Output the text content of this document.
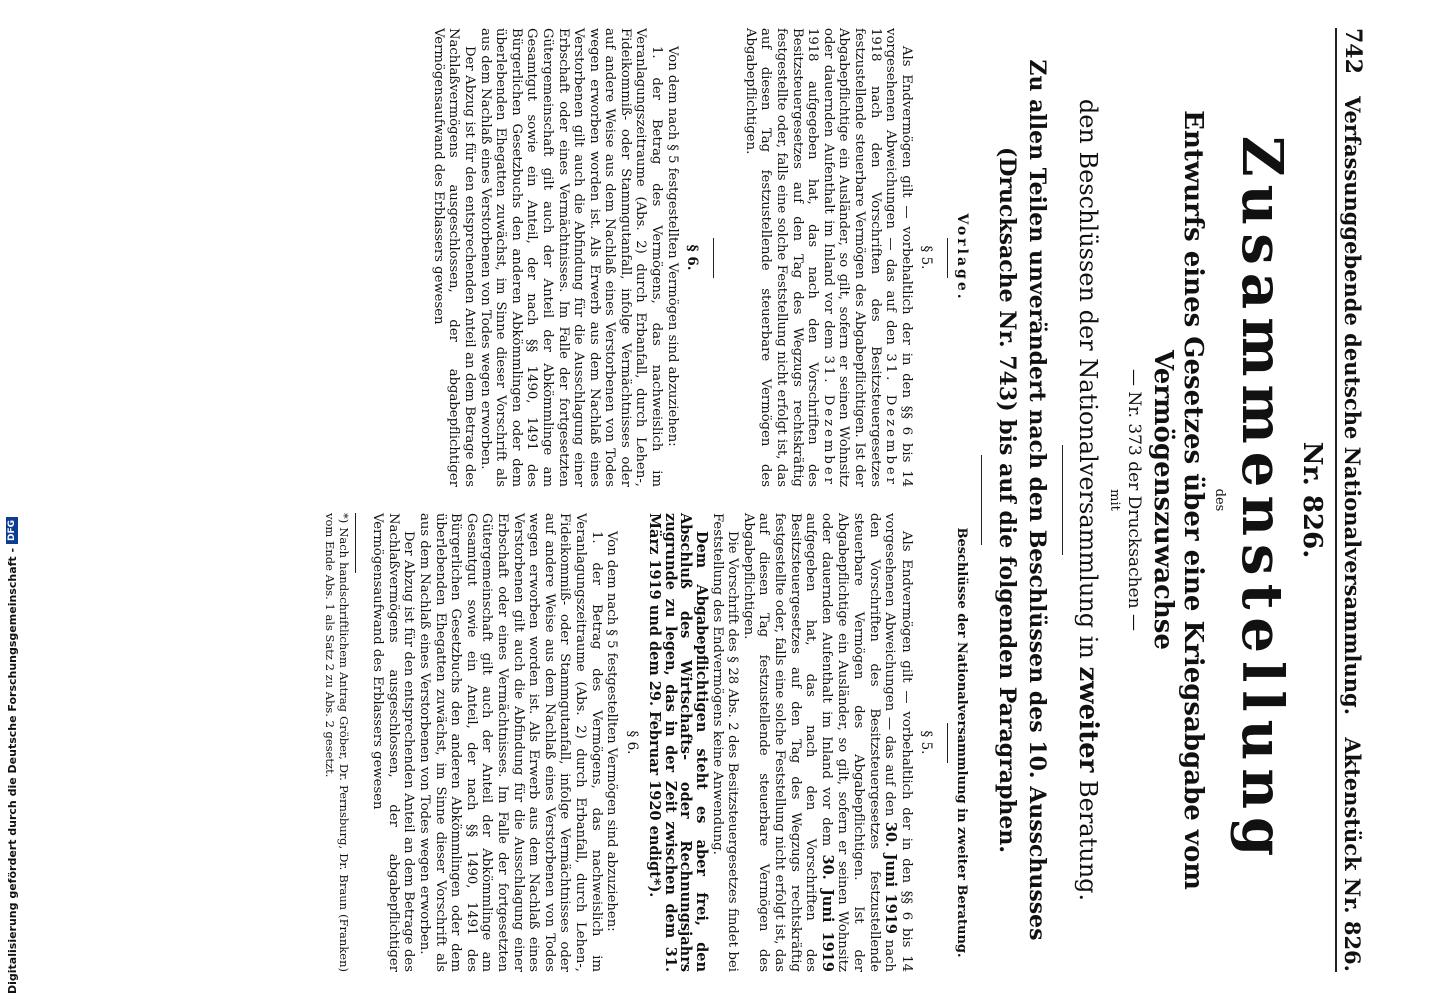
742
Verfassunggebende deutsche Nationalversammlung.
Aktenstück Nr. 826.
Nr. 826.
Zusammenstellung
des
Entwurfs eines Gesetzes über eine Kriegsabgabe vom Vermögenszuwachse
— Nr. 373 der Drucksachen —
mit
den Beschlüssen der Nationalversammlung in zweiter Beratung.
Zu allen Teilen unverändert nach den Beschlüssen des 10. Ausschusses
(Drucksache Nr. 743) bis auf die folgenden Paragraphen.
Vorlage.
§ 5.

Als Endvermögen gilt — vorbehaltlich der in den §§ 6 bis 14 vorgesehenen Abweichungen — das auf den 31. Dezember 1918 nach den Vorschriften des Besitzsteuergesetzes festzustellende steuerbare Vermögen des Abgabepflichtigen. Ist der Abgabepflichtige ein Ausländer, so gilt, sofern er seinen Wohnsitz oder dauernden Aufenthalt im Inland vor dem 31. Dezember 1918 aufgegeben hat, das nach den Vorschriften des Besitzsteuergesetzes auf den Tag des Wegzugs rechtskräftig festgestellte oder, falls eine solche Feststellung nicht erfolgt ist, das auf diesen Tag festzustellende steuerbare Vermögen des Abgabepflichtigen.

§ 6.

Von dem nach § 5 festgestellten Vermögen sind abzuziehen:

1. der Betrag des Vermögens, das nachweislich im Veranlagungszeitraume (Abs. 2) durch Erbanfall, durch Lehen-, Fideikommiß- oder Stammgutanfall, infolge Vermächtnisses oder auf andere Weise aus dem Nachlaß eines Verstorbenen von Todes wegen erworben worden ist. Als Erwerb aus dem Nachlaß eines Verstorbenen gilt auch die Abfindung für die Ausschlagung einer Erbschaft oder eines Vermächtnisses. Im Falle der fortgesetzten Gütergemeinschaft gilt auch der Anteil der Abkömmlinge am Gesamtgut sowie ein Anteil, der nach §§ 1490, 1491 des Bürgerlichen Gesetzbuchs den anderen Abkömmlingen oder dem überlebenden Ehegatten zuwächst, im Sinne dieser Vorschrift als aus dem Nachlaß eines Verstorbenen von Todes wegen erworben.

Der Abzug ist für den entsprechenden Anteil an dem Betrage des Nachlaßvermögens ausgeschlossen, der abgabepflichtiger Vermögensaufwand des Erblassers gewesen

Beschlüsse der Nationalversammlung in zweiter Beratung.
§ 5.

Als Endvermögen gilt — vorbehaltlich der in den §§ 6 bis 14 vorgesehenen Abweichungen — das auf den 30. Juni 1919 nach den Vorschriften des Besitzsteuergesetzes festzustellende steuerbare Vermögen des Abgabepflichtigen. Ist der Abgabepflichtige ein Ausländer, so gilt, sofern er seinen Wohnsitz oder dauernden Aufenthalt im Inland vor dem 30. Juni 1919 aufgegeben hat, das nach den Vorschriften des Besitzsteuergesetzes auf den Tag des Wegzugs rechtskräftig festgestellte oder, falls eine solche Feststellung nicht erfolgt ist, das auf diesen Tag festzustellende steuerbare Vermögen des Abgabepflichtigen.

Die Vorschrift des § 28 Abs. 2 des Besitzsteuergesetzes findet bei Feststellung des Endvermögens keine Anwendung.

Dem Abgabepflichtigen steht es aber frei, den Abschluß des Wirtschafts- oder Rechnungsjahrs zugrunde zu legen, das in der Zeit zwischen dem 31. März 1919 und dem 29. Februar 1920 endigt*).

§ 6.

Von dem nach § 5 festgestellten Vermögen sind abzuziehen:

1. der Betrag des Vermögens, das nachweislich im Veranlagungszeitraume (Abs. 2) durch Erbanfall, durch Lehen-, Fideikommiß- oder Stammgutanfall, infolge Vermächtnisses oder auf andere Weise aus dem Nachlaß eines Verstorbenen von Todes wegen erworben worden ist. Als Erwerb aus dem Nachlaß eines Verstorbenen gilt auch die Abfindung für die Ausschlagung einer Erbschaft oder eines Vermächtnisses. Im Falle der fortgesetzten Gütergemeinschaft gilt auch der Anteil der Abkömmlinge am Gesamtgut sowie ein Anteil, der nach §§ 1490, 1491 des Bürgerlichen Gesetzbuchs den anderen Abkömmlingen oder dem überlebenden Ehegatten zuwächst, im Sinne dieser Vorschrift als aus dem Nachlaß eines Verstorbenen von Todes wegen erworben.

Der Abzug ist für den entsprechenden Anteil an dem Betrage des Nachlaßvermögens ausgeschlossen, der abgabepflichtiger Vermögensaufwand des Erblassers gewesen

*) Nach handschriftlichem Antrag Gröber, Dr. Pernsburg, Dr. Braun (Franken) vom Ende Abs. 1 als Satz 2 zu Abs. 2 gesetzt.
Digitalisierung gefördert durch die Deutsche Forschungsgemeinschaft -
DFG
